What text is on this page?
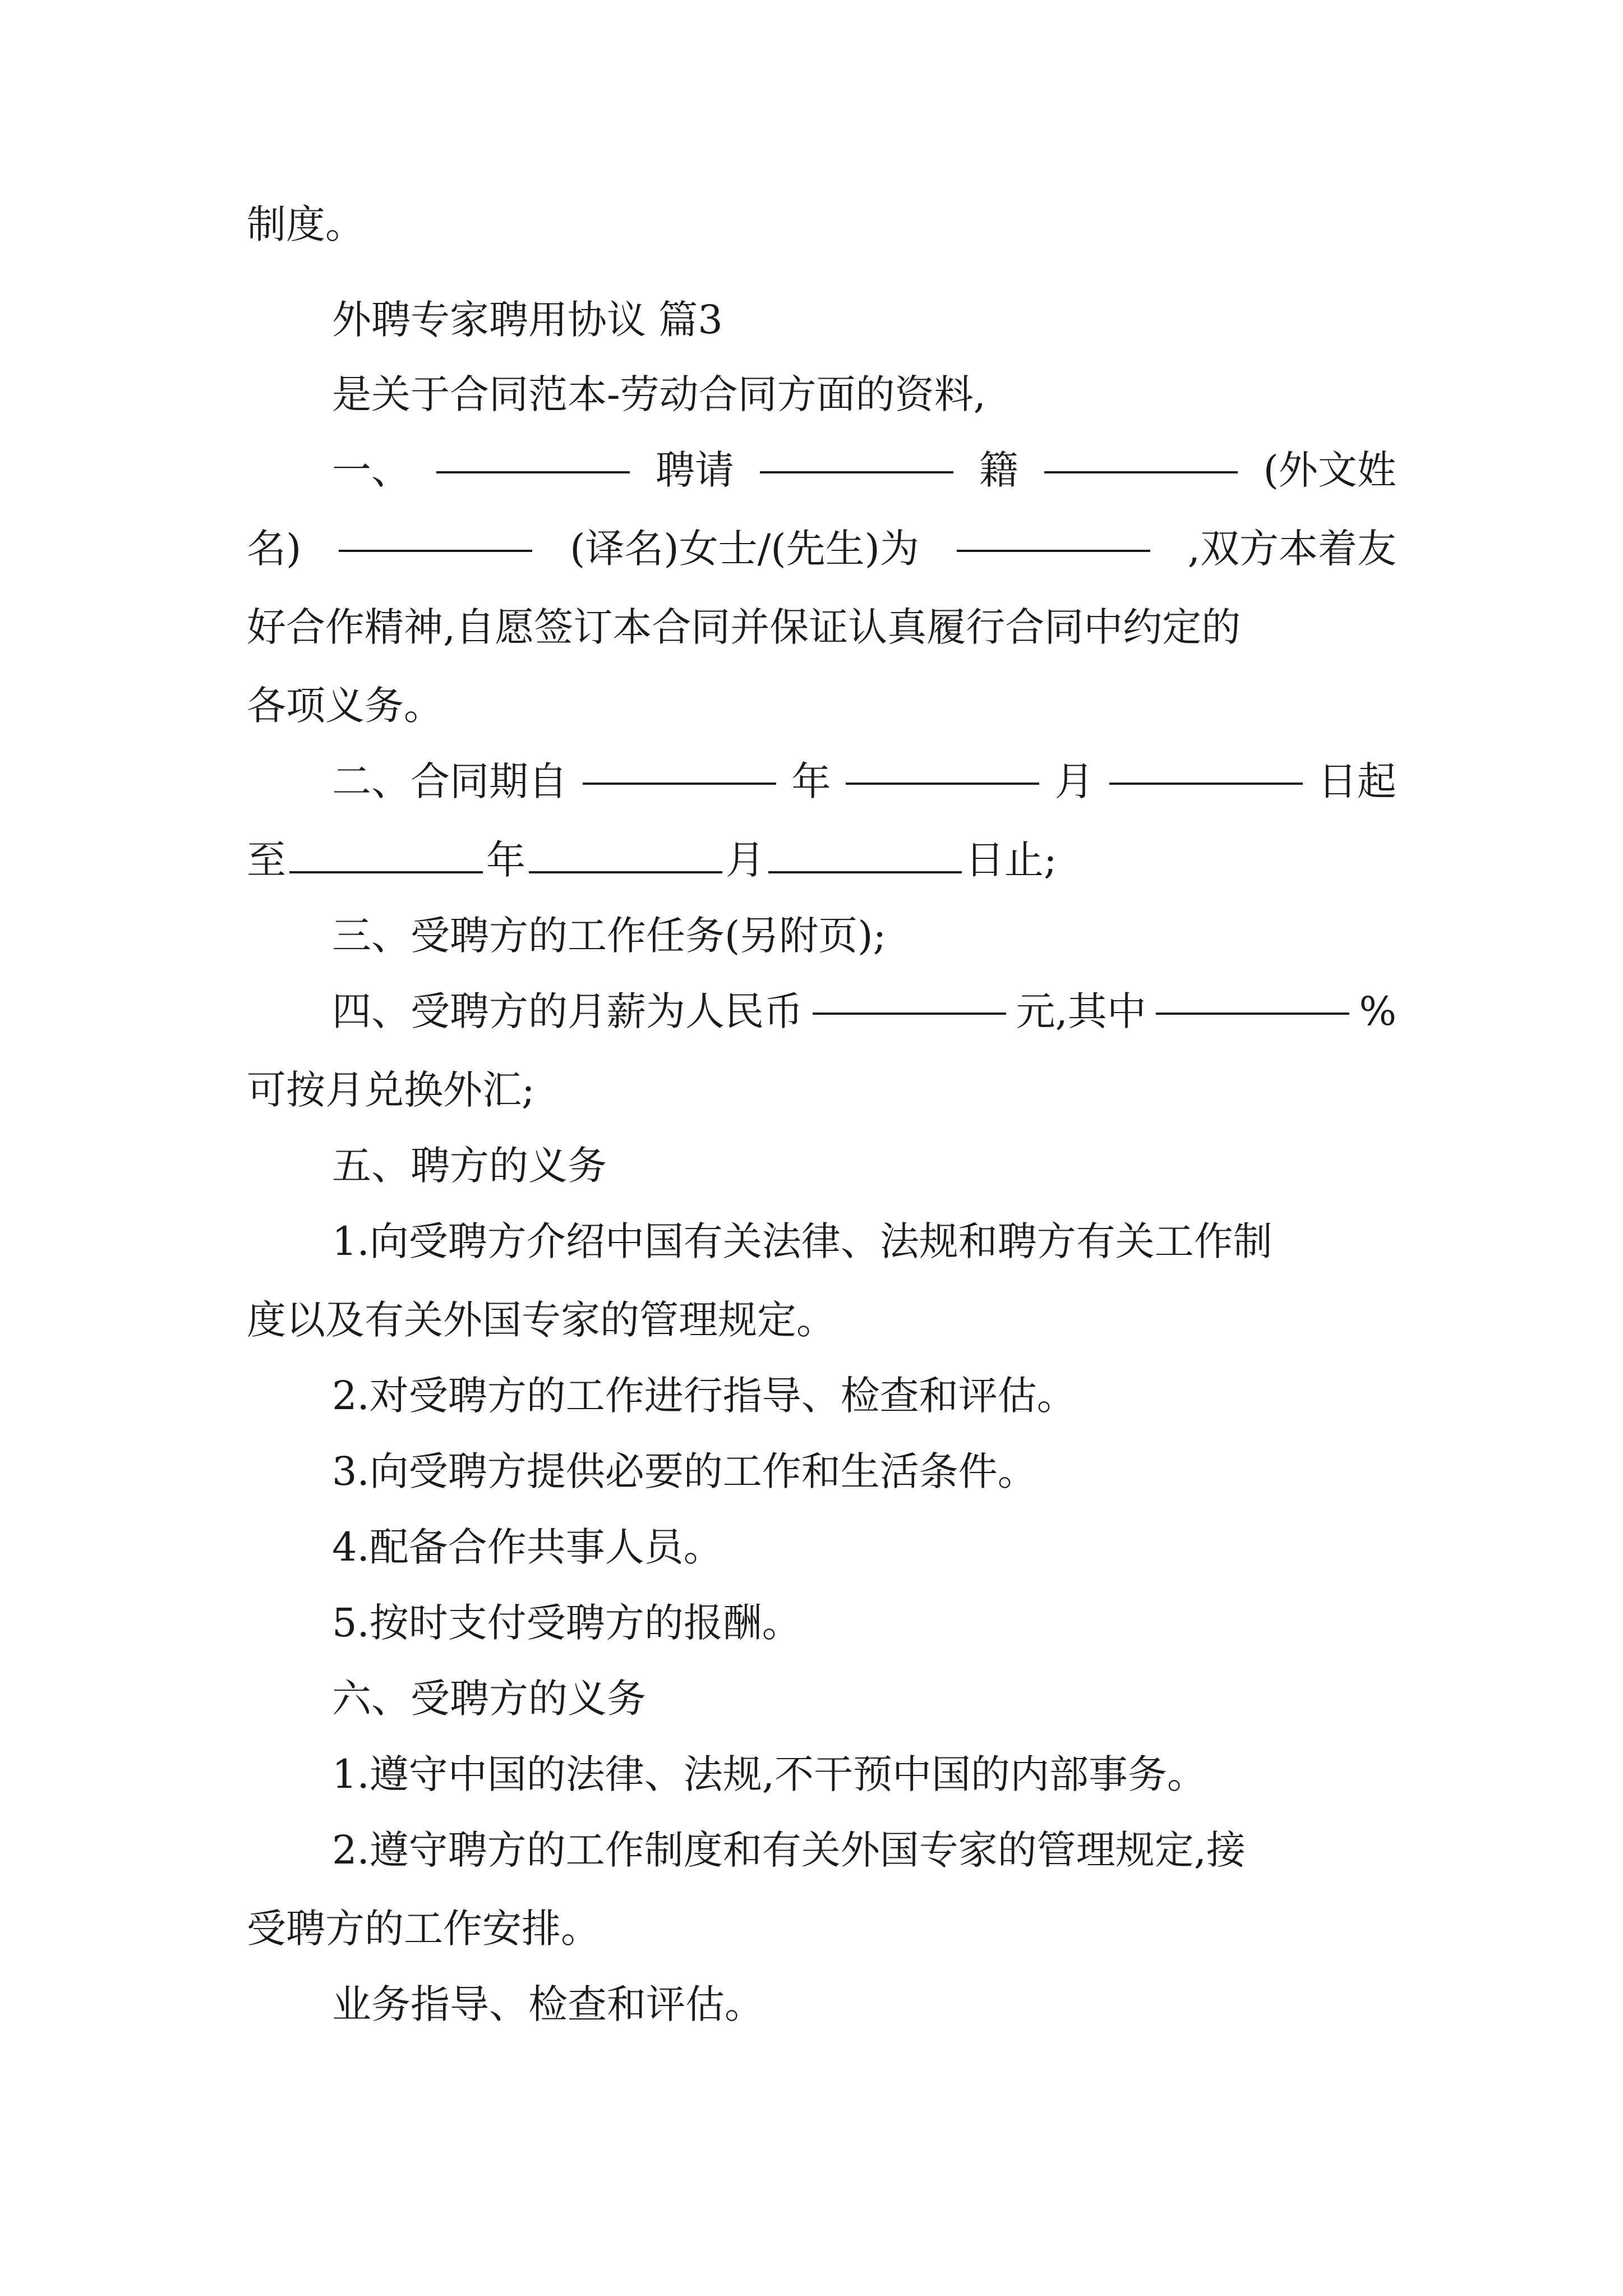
制度。
外聘专家聘用协议 篇3
是关于合同范本-劳动合同方面的资料,
一、	聘请	籍	(外文姓
名)	(译名)女士/(先生)为	,双方本着友
好合作精神,自愿签订本合同并保证认真履行合同中约定的
各项义务。
二、合同期自	年	月	日起
至	年	月	日止;
三、受聘方的工作任务(另附页);
四、受聘方的月薪为人民币	元,其中	%
可按月兑换外汇;
五、聘方的义务
1.向受聘方介绍中国有关法律、法规和聘方有关工作制
度以及有关外国专家的管理规定。
2.对受聘方的工作进行指导、检查和评估。
3.向受聘方提供必要的工作和生活条件。
4.配备合作共事人员。
5.按时支付受聘方的报酬。
六、受聘方的义务
1.遵守中国的法律、法规,不干预中国的内部事务。
2.遵守聘方的工作制度和有关外国专家的管理规定,接
受聘方的工作安排。
业务指导、检查和评估。
